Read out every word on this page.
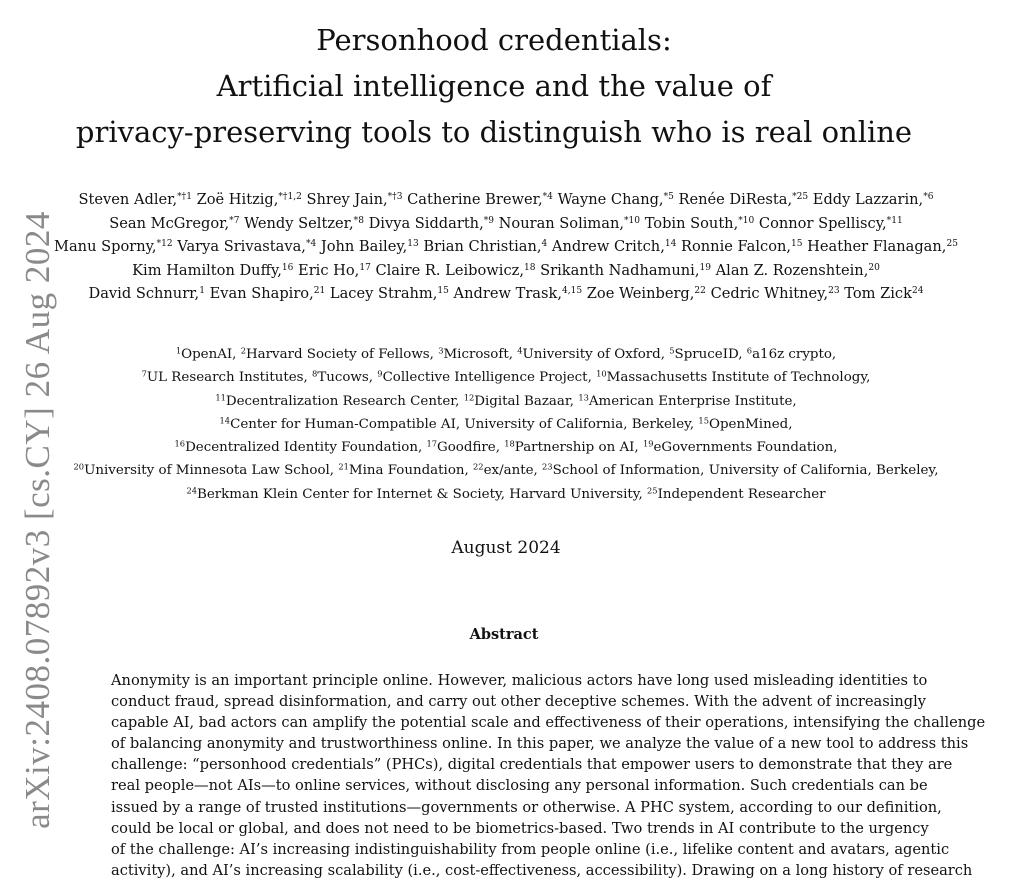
arXiv:2408.07892v3 [cs.CY] 26 Aug 2024
Personhood credentials:
Artificial intelligence and the value of
privacy-preserving tools to distinguish who is real online
Steven Adler,$^{*\dagger 1}$ Zoë Hitzig,$^{*\dagger 1,2}$ Shrey Jain,$^{*\dagger 3}$ Catherine Brewer,$^{*4}$ Wayne Chang,$^{*5}$ Renée DiResta,$^{*25}$ Eddy Lazzarin,$^{*6}$
Sean McGregor,$^{*7}$ Wendy Seltzer,$^{*8}$ Divya Siddarth,$^{*9}$ Nouran Soliman,$^{*10}$ Tobin South,$^{*10}$ Connor Spelliscy,$^{*11}$
Manu Sporny,$^{*12}$ Varya Srivastava,$^{*4}$ John Bailey,$^{13}$ Brian Christian,$^4$ Andrew Critch,$^{14}$ Ronnie Falcon,$^{15}$ Heather Flanagan,$^{25}$
Kim Hamilton Duffy,$^{16}$ Eric Ho,$^{17}$ Claire R. Leibowicz,$^{18}$ Srikanth Nadhamuni,$^{19}$ Alan Z. Rozenshtein,$^{20}$
David Schnurr,$^1$ Evan Shapiro,$^{21}$ Lacey Strahm,$^{15}$ Andrew Trask,$^{4,15}$ Zoe Weinberg,$^{22}$ Cedric Whitney,$^{23}$ Tom Zick$^{24}$
$^1$OpenAI, $^2$Harvard Society of Fellows, $^3$Microsoft, $^4$University of Oxford, $^5$SpruceID, $^6$a16z crypto,
$^7$UL Research Institutes, $^8$Tucows, $^9$Collective Intelligence Project, $^{10}$Massachusetts Institute of Technology,
$^{11}$Decentralization Research Center, $^{12}$Digital Bazaar, $^{13}$American Enterprise Institute,
$^{14}$Center for Human-Compatible AI, University of California, Berkeley, $^{15}$OpenMined,
$^{16}$Decentralized Identity Foundation, $^{17}$Goodfire, $^{18}$Partnership on AI, $^{19}$eGovernments Foundation,
$^{20}$University of Minnesota Law School, $^{21}$Mina Foundation, $^{22}$ex/ante, $^{23}$School of Information, University of California, Berkeley,
$^{24}$Berkman Klein Center for Internet & Society, Harvard University, $^{25}$Independent Researcher
August 2024
Abstract
Anonymity is an important principle online. However, malicious actors have long used misleading identities to
conduct fraud, spread disinformation, and carry out other deceptive schemes. With the advent of increasingly
capable AI, bad actors can amplify the potential scale and effectiveness of their operations, intensifying the challenge
of balancing anonymity and trustworthiness online. In this paper, we analyze the value of a new tool to address this
challenge: “personhood credentials” (PHCs), digital credentials that empower users to demonstrate that they are
real people—not AIs—to online services, without disclosing any personal information. Such credentials can be
issued by a range of trusted institutions—governments or otherwise. A PHC system, according to our definition,
could be local or global, and does not need to be biometrics-based. Two trends in AI contribute to the urgency
of the challenge: AI’s increasing indistinguishability from people online (i.e., lifelike content and avatars, agentic
activity), and AI’s increasing scalability (i.e., cost-effectiveness, accessibility). Drawing on a long history of research
